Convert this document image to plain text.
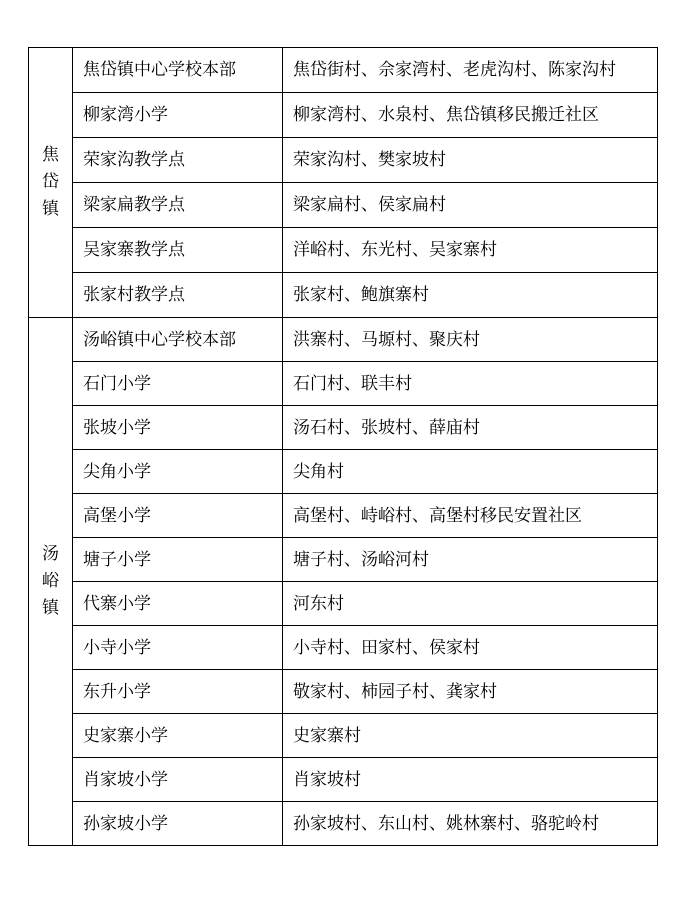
焦岱镇	焦岱镇中心学校本部	焦岱街村、佘家湾村、老虎沟村、陈家沟村
	柳家湾小学	柳家湾村、水泉村、焦岱镇移民搬迁社区
	荣家沟教学点	荣家沟村、樊家坡村
	梁家扁教学点	梁家扁村、侯家扁村
	吴家寨教学点	洋峪村、东光村、吴家寨村
	张家村教学点	张家村、鲍旗寨村

汤峪镇	汤峪镇中心学校本部	洪寨村、马塬村、聚庆村
	石门小学	石门村、联丰村
	张坡小学	汤石村、张坡村、薛庙村
	尖角小学	尖角村
	高堡小学	高堡村、峙峪村、高堡村移民安置社区
	塘子小学	塘子村、汤峪河村
	代寨小学	河东村
	小寺小学	小寺村、田家村、侯家村
	东升小学	敬家村、柿园子村、龚家村
	史家寨小学	史家寨村
	肖家坡小学	肖家坡村
	孙家坡小学	孙家坡村、东山村、姚林寨村、骆驼岭村
